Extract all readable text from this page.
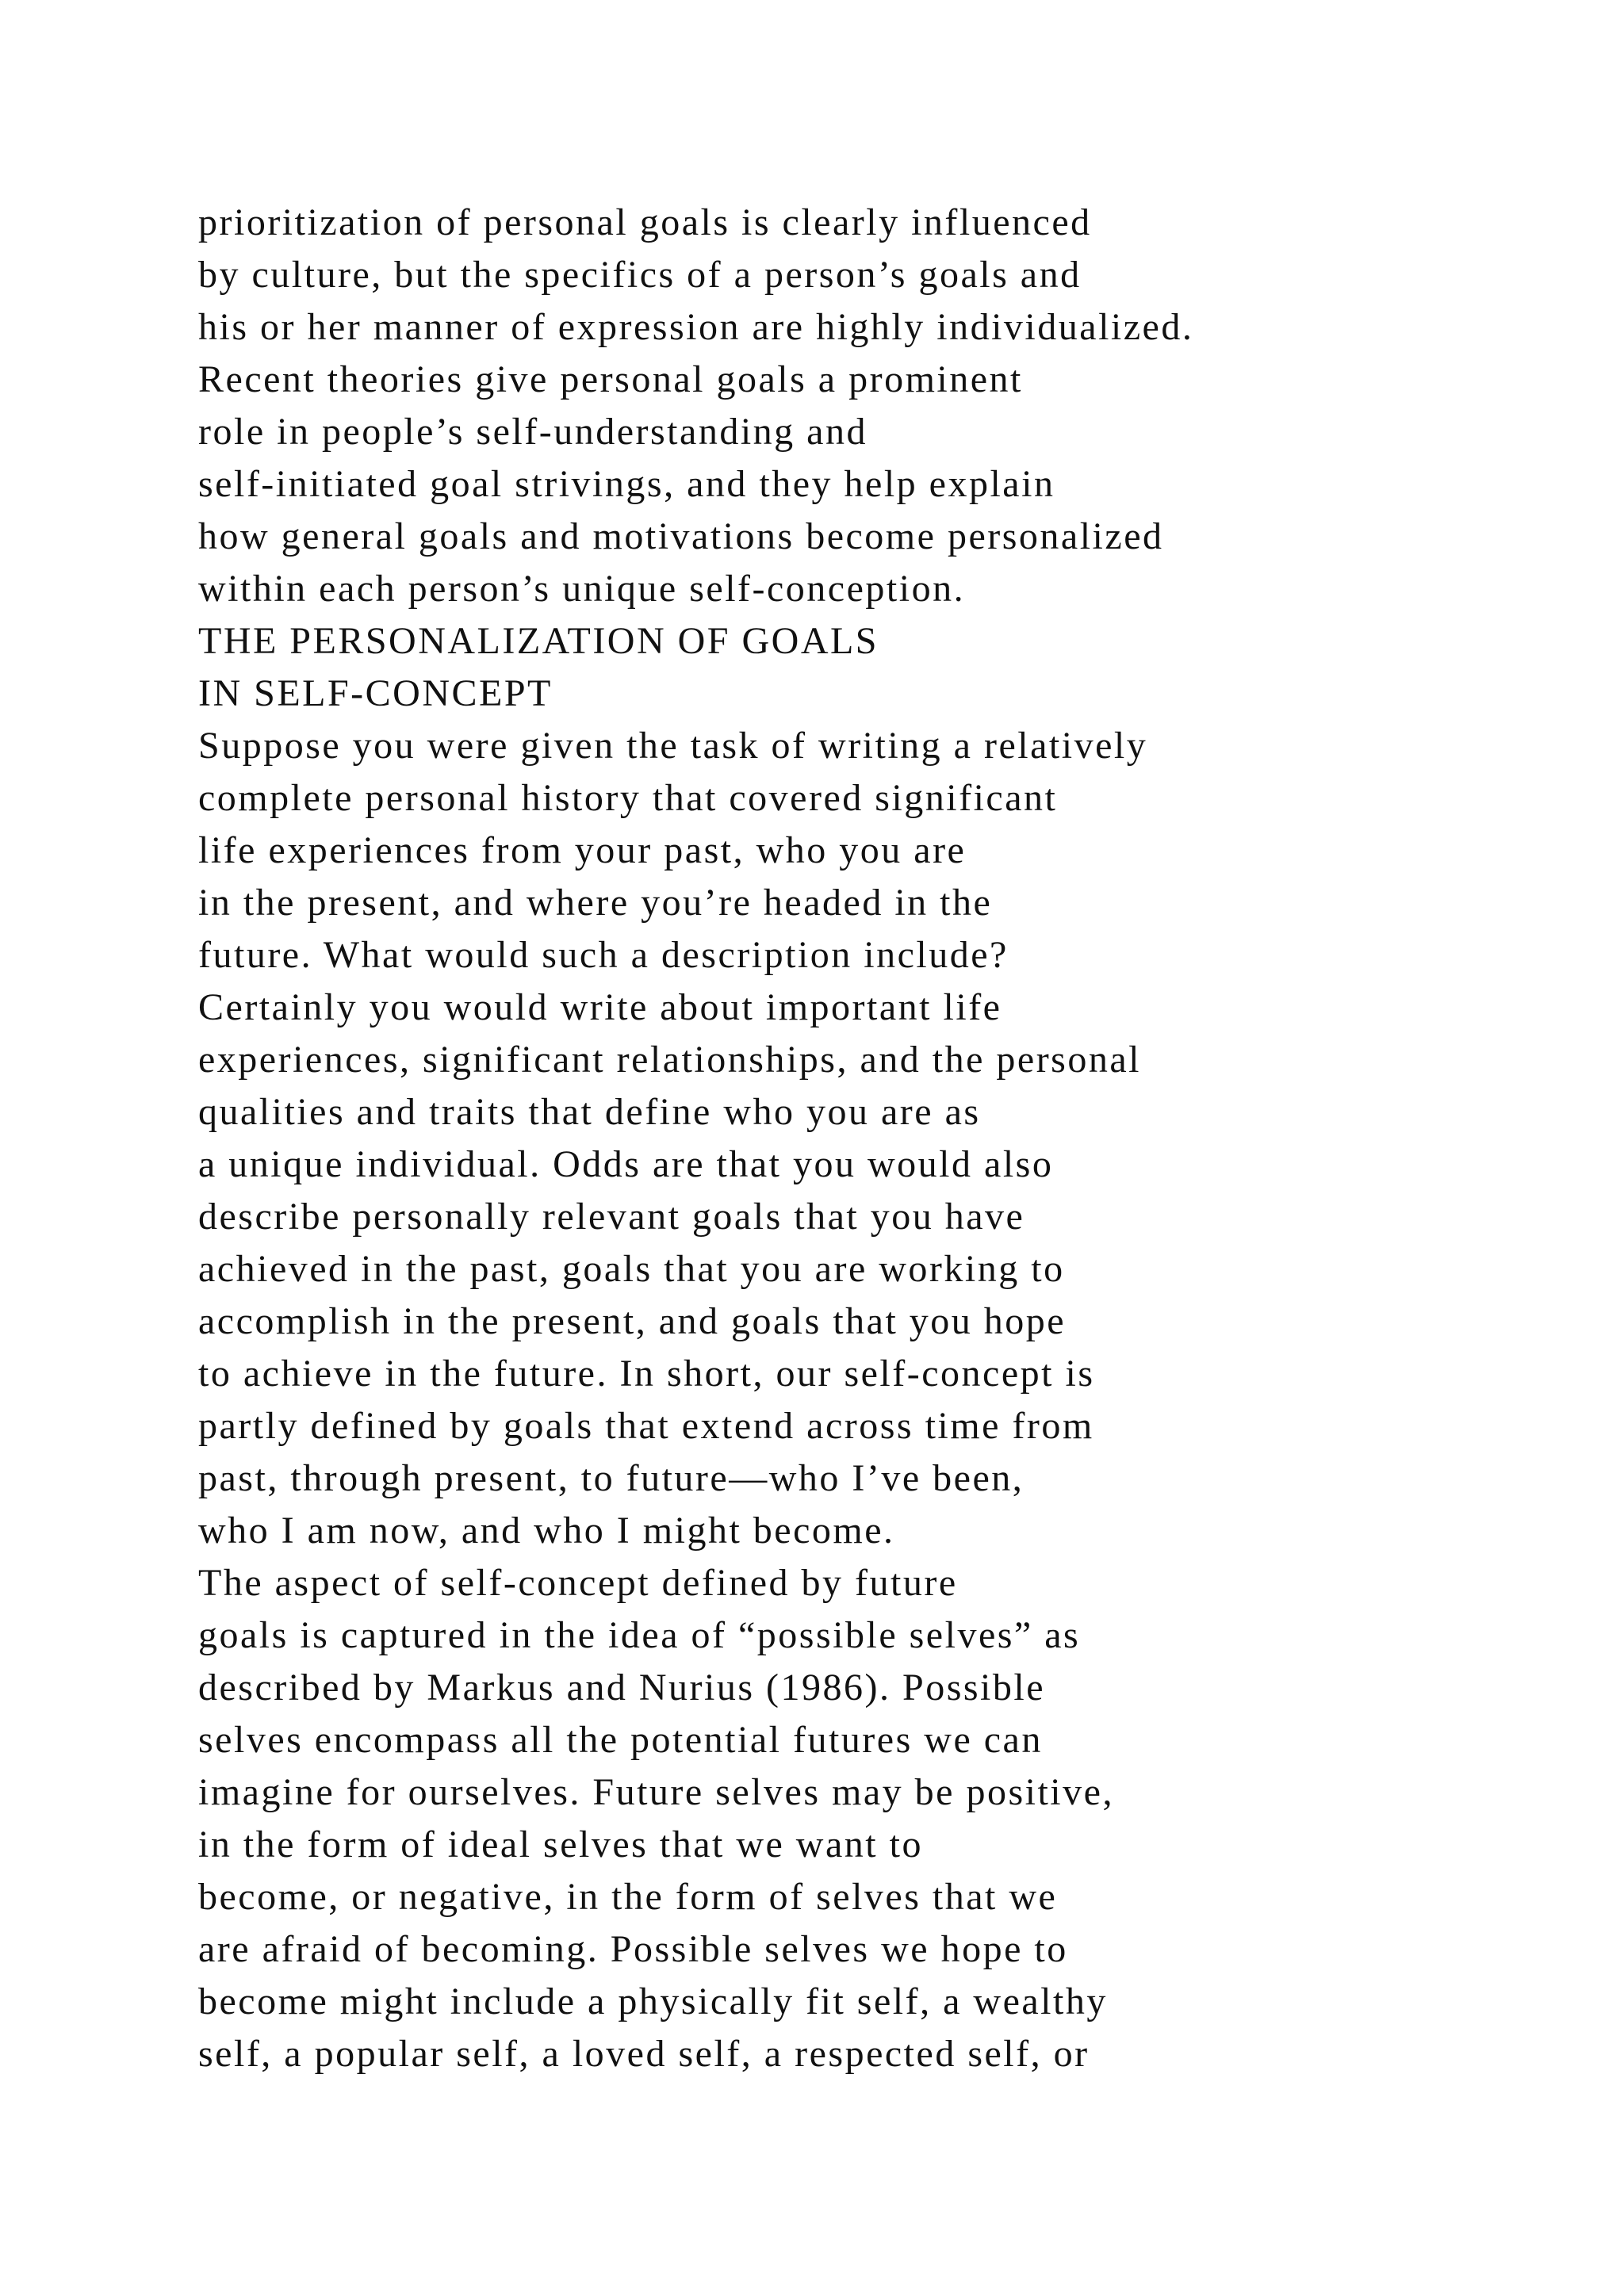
prioritization of personal goals is clearly influenced
by culture, but the specifics of a person’s goals and
his or her manner of expression are highly individualized.
Recent theories give personal goals a prominent
role in people’s self-understanding and
self-initiated goal strivings, and they help explain
how general goals and motivations become personalized
within each person’s unique self-conception.
THE PERSONALIZATION OF GOALS
IN SELF-CONCEPT
Suppose you were given the task of writing a relatively
complete personal history that covered significant
life experiences from your past, who you are
in the present, and where you’re headed in the
future. What would such a description include?
Certainly you would write about important life
experiences, significant relationships, and the personal
qualities and traits that define who you are as
a unique individual. Odds are that you would also
describe personally relevant goals that you have
achieved in the past, goals that you are working to
accomplish in the present, and goals that you hope
to achieve in the future. In short, our self-concept is
partly defined by goals that extend across time from
past, through present, to future—who I’ve been,
who I am now, and who I might become.
The aspect of self-concept defined by future
goals is captured in the idea of “possible selves” as
described by Markus and Nurius (1986). Possible
selves encompass all the potential futures we can
imagine for ourselves. Future selves may be positive,
in the form of ideal selves that we want to
become, or negative, in the form of selves that we
are afraid of becoming. Possible selves we hope to
become might include a physically fit self, a wealthy
self, a popular self, a loved self, a respected self, or
